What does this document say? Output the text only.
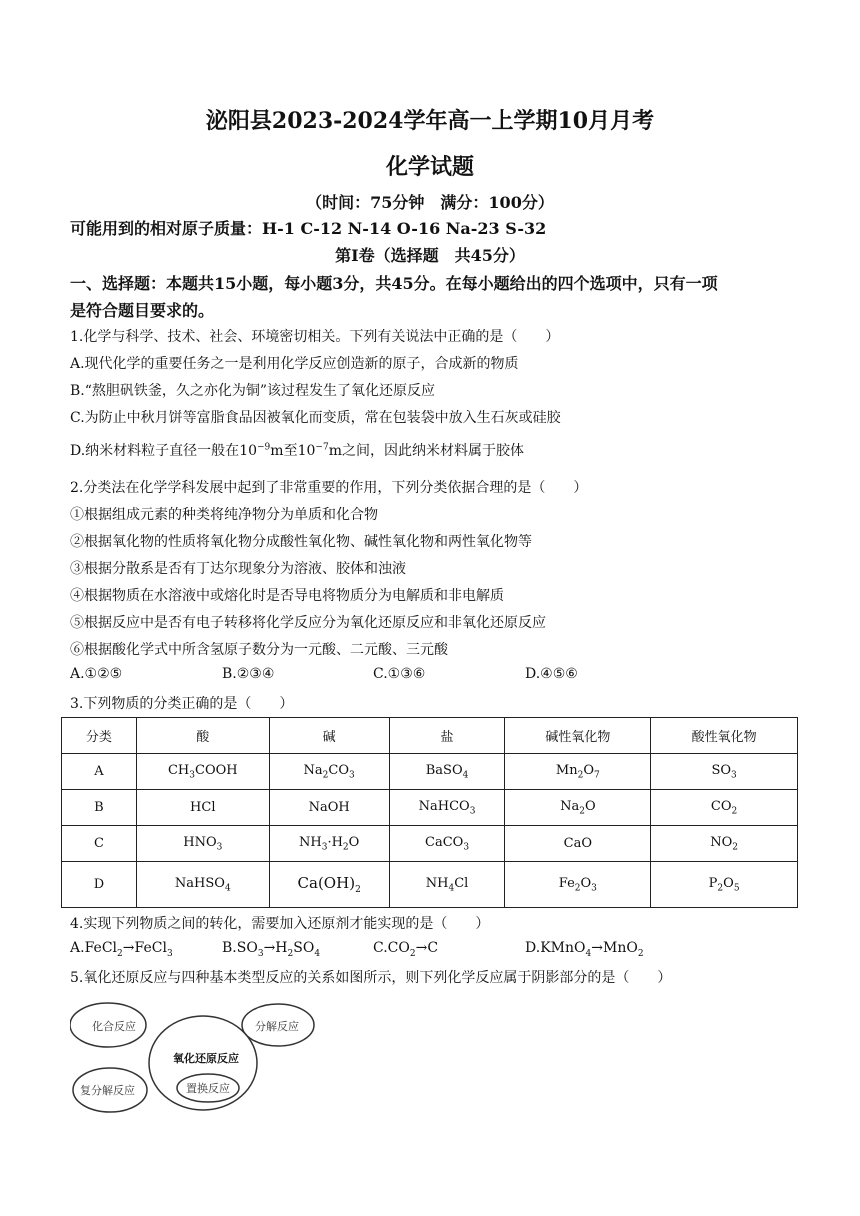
泌阳县2023-2024学年高一上学期10月月考
化学试题
（时间：75分钟　满分：100分）
可能用到的相对原子质量：H-1 C-12 N-14 O-16 Na-23 S-32
第I卷（选择题　共45分）
一、选择题：本题共15小题，每小题3分，共45分。在每小题给出的四个选项中，只有一项
是符合题目要求的。
1.化学与科学、技术、社会、环境密切相关。下列有关说法中正确的是（　　）
A.现代化学的重要任务之一是利用化学反应创造新的原子，合成新的物质
B.“熬胆矾铁釜，久之亦化为铜”该过程发生了氧化还原反应
C.为防止中秋月饼等富脂食品因被氧化而变质，常在包装袋中放入生石灰或硅胶
D.纳米材料粒子直径一般在$10^{-9}m$至$10^{-7}m$之间，因此纳米材料属于胶体
2.分类法在化学学科发展中起到了非常重要的作用，下列分类依据合理的是（　　）
①根据组成元素的种类将纯净物分为单质和化合物
②根据氧化物的性质将氧化物分成酸性氧化物、碱性氧化物和两性氧化物等
③根据分散系是否有丁达尔现象分为溶液、胶体和浊液
④根据物质在水溶液中或熔化时是否导电将物质分为电解质和非电解质
⑤根据反应中是否有电子转移将化学反应分为氧化还原反应和非氧化还原反应
⑥根据酸化学式中所含氢原子数分为一元酸、二元酸、三元酸
A.①②⑤	B.②③④	C.①③⑥	D.④⑤⑥
3.下列物质的分类正确的是（　　）
分类	酸	碱	盐	碱性氧化物	酸性氧化物
A	$CH_3COOH$	$Na_2CO_3$	BaSO$_4$	$Mn_2O_7$	$SO_3$
B	HCl	NaOH	NaHCO$_3$	$Na_2O$	$CO_2$
C	$HNO_3$	$NH_3\cdot H_2O$	CaCO$_3$	CaO	$NO_2$
D	NaHSO$_4$	$Ca(OH)_2$	$NH_4Cl$	$Fe_2O_3$	$P_2O_5$
4.实现下列物质之间的转化，需要加入还原剂才能实现的是（　　）
A.FeCl$_2$→FeCl$_3$	$B.SO_3\to H_2SO_4$	$C.CO_2\to C$	D.KMnO$_4$→MnO$_2$
5.氧化还原反应与四种基本类型反应的关系如图所示，则下列化学反应属于阴影部分的是（　　）
化合反应	分解反应
氧化还原反应
复分解反应	置换反应
